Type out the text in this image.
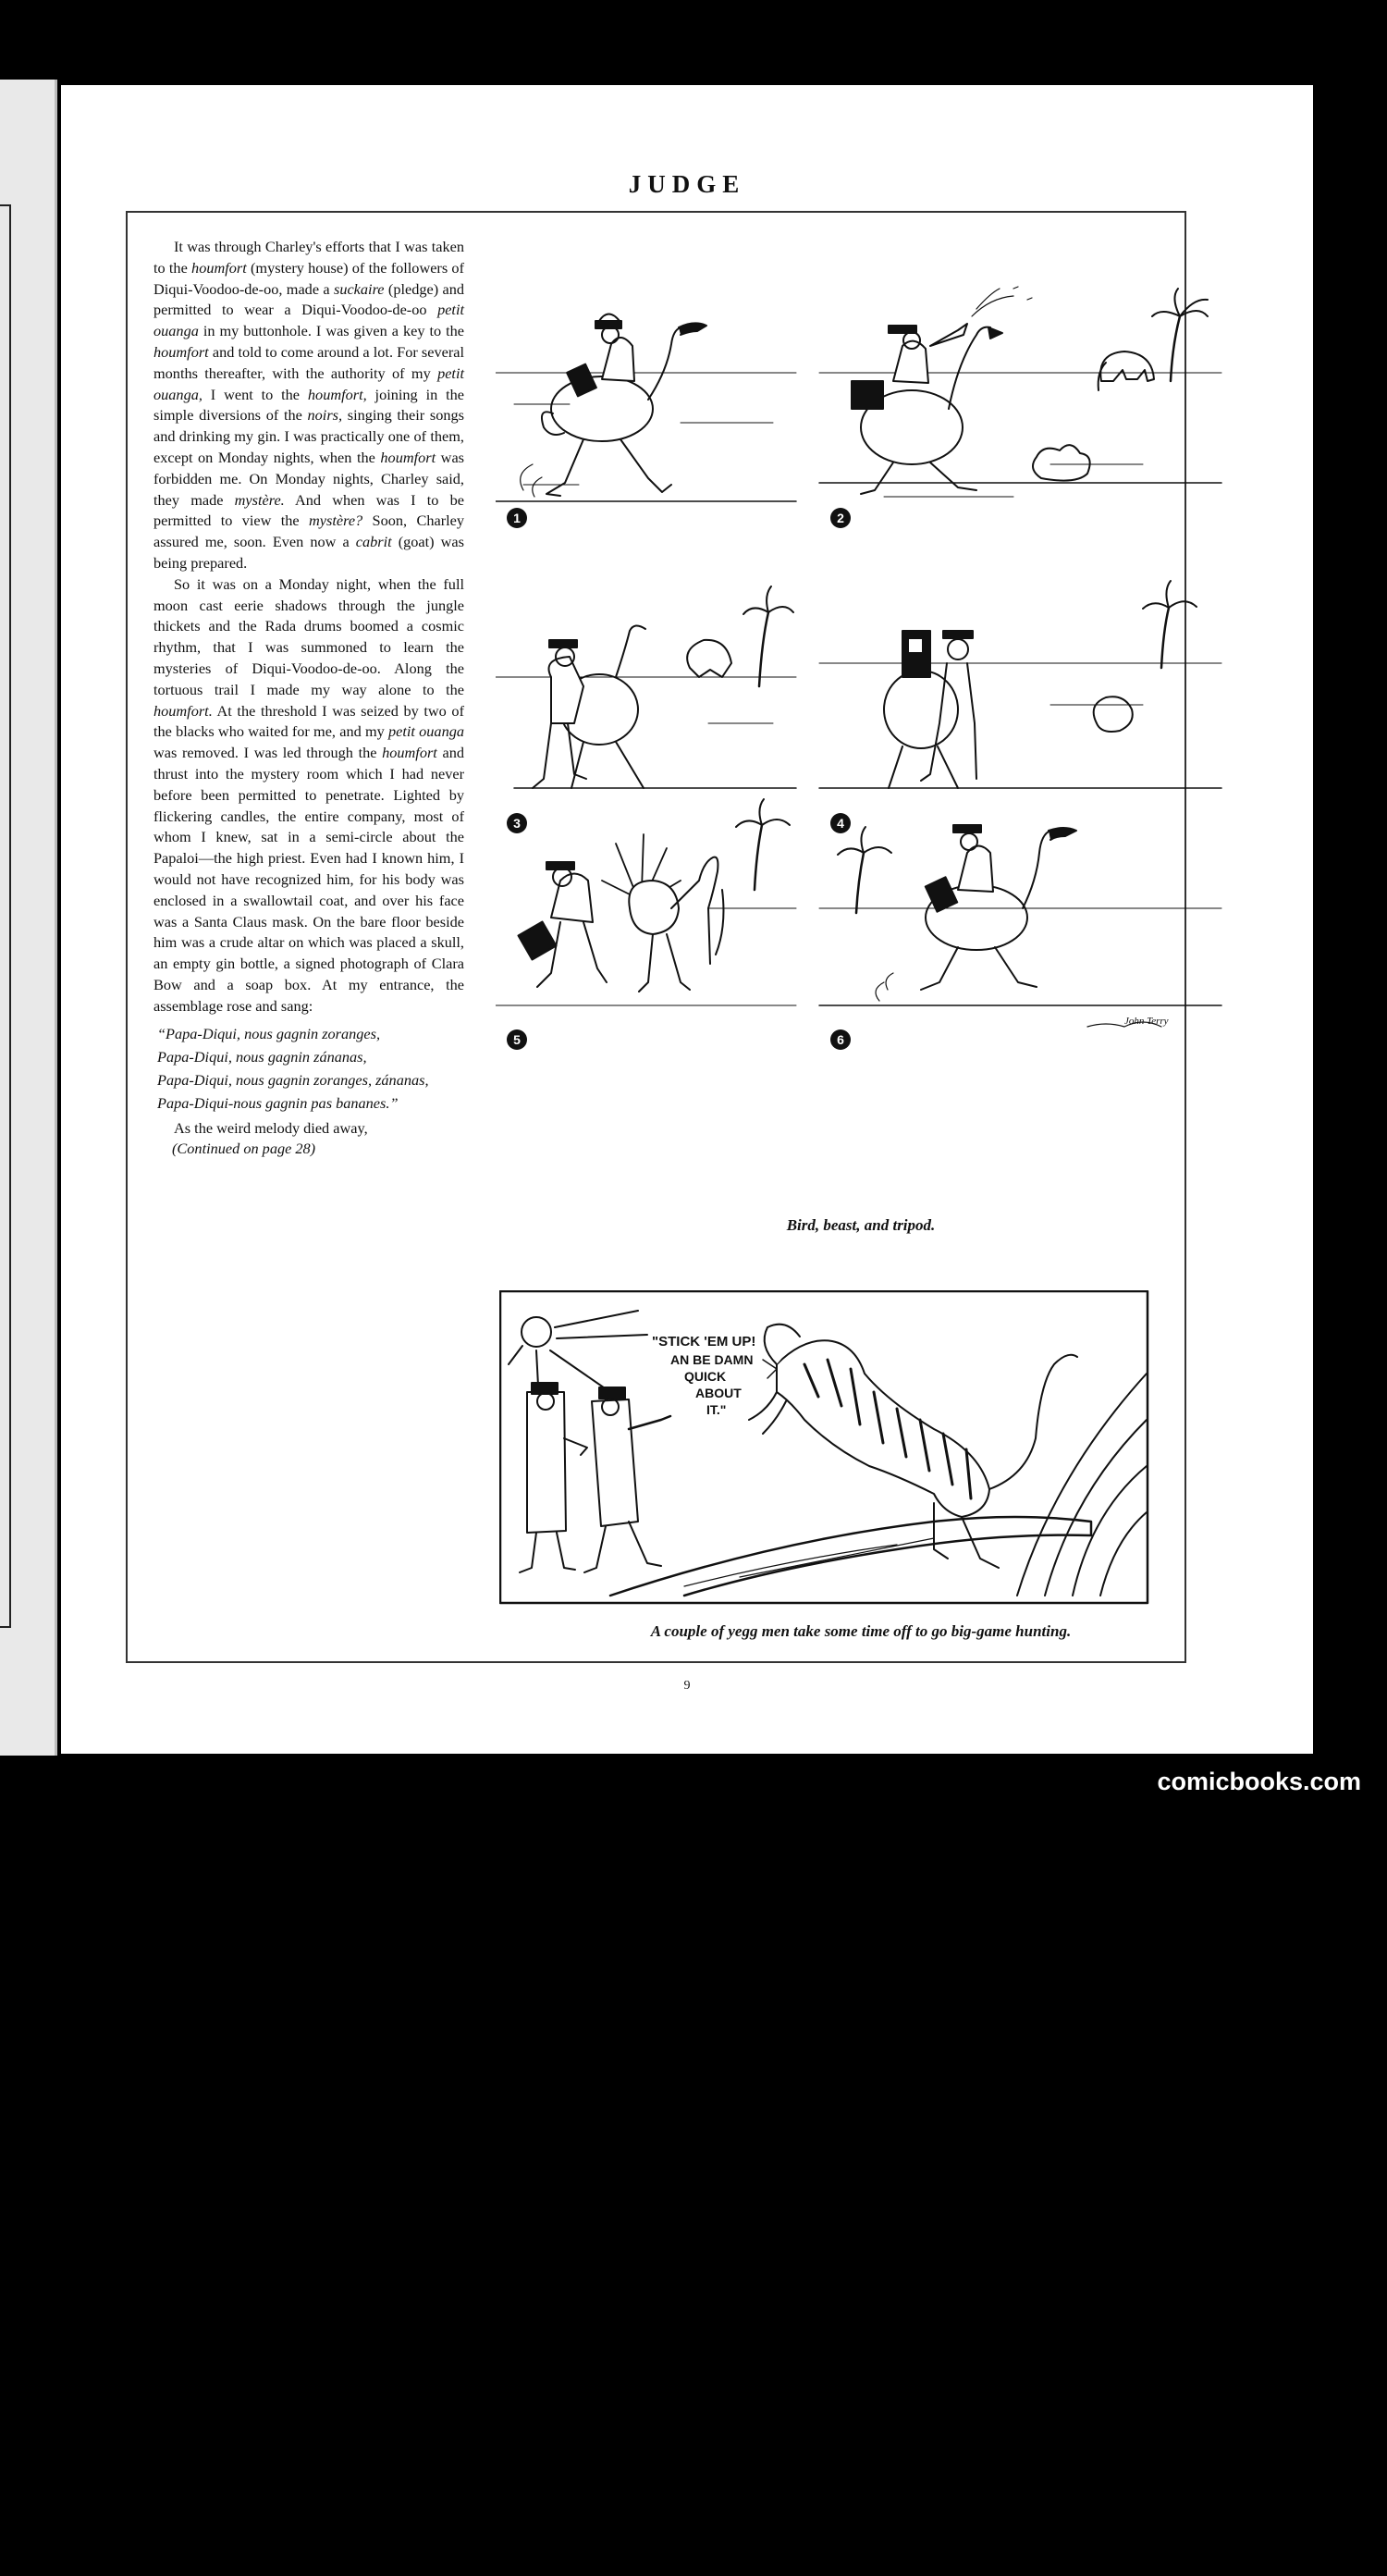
JUDGE

It was through Charley's efforts that I was taken to the houmfort (mystery house) of the followers of Diqui-Voodoo-de-oo, made a suckaire (pledge) and permitted to wear a Diqui-Voodoo-de-oo petit ouanga in my buttonhole. I was given a key to the houmfort and told to come around a lot. For several months thereafter, with the authority of my petit ouanga, I went to the houmfort, joining in the simple diversions of the noirs, singing their songs and drinking my gin. I was practically one of them, except on Monday nights, when the houmfort was forbidden me. On Monday nights, Charley said, they made mystère. And when was I to be permitted to view the mystère? Soon, Charley assured me, soon. Even now a cabrit (goat) was being prepared.

So it was on a Monday night, when the full moon cast eerie shadows through the jungle thickets and the Rada drums boomed a cosmic rhythm, that I was summoned to learn the mysteries of Diqui-Voodoo-de-oo. Along the tortuous trail I made my way alone to the houmfort. At the threshold I was seized by two of the blacks who waited for me, and my petit ouanga was removed. I was led through the houmfort and thrust into the mystery room which I had never before been permitted to penetrate. Lighted by flickering candles, the entire company, most of whom I knew, sat in a semi-circle about the Papaloi—the high priest. Even had I known him, I would not have recognized him, for his body was enclosed in a swallowtail coat, and over his face was a Santa Claus mask. On the bare floor beside him was a crude altar on which was placed a skull, an empty gin bottle, a signed photograph of Clara Bow and a soap box. At my entrance, the assemblage rose and sang:

“Papa-Diqui, nous gagnin zoranges,
Papa-Diqui, nous gagnin zánanas,
Papa-Diqui, nous gagnin zoranges, zánanas,
Papa-Diqui-nous gagnin pas bananes.”

As the weird melody died away,

(Continued on page 28)

1	2
3	4
5
John Terry
6
Bird, beast, and tripod.
"STICK 'EM UP!
AN BE DAMN
QUICK
ABOUT
IT."
A couple of yegg men take some time off to go big-game hunting.
9
comicbooks.com
